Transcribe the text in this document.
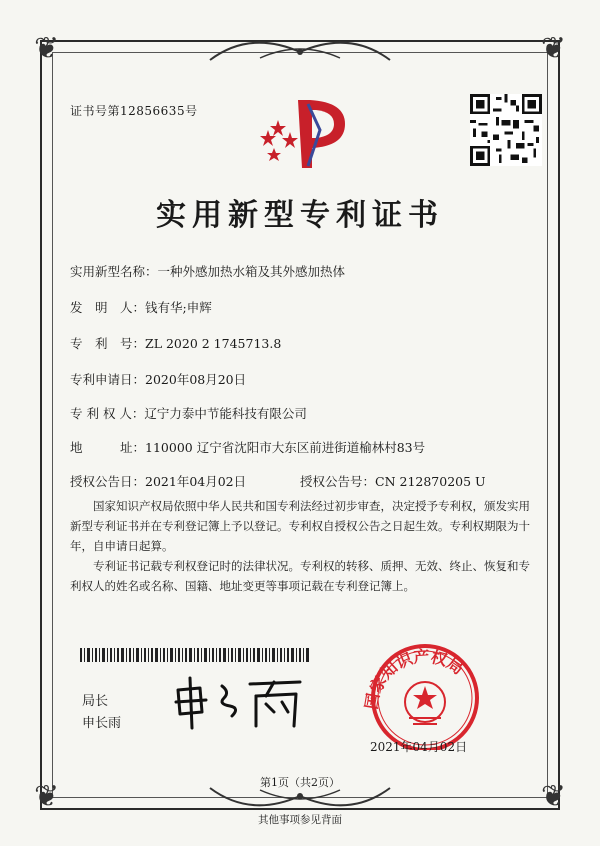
❦	❦
❦	❦
证书号第12856635号
实用新型专利证书
实用新型名称：一种外感加热水箱及其外感加热体
发　明　人：钱有华;申辉
专　利　号：ZL 2020 2 1745713.8
专利申请日：2020年08月20日
专 利 权 人：辽宁力泰中节能科技有限公司
地　　　址：110000 辽宁省沈阳市大东区前进街道榆林村83号
授权公告日：2021年04月02日	授权公告号：CN 212870205 U

国家知识产权局依照中华人民共和国专利法经过初步审查，决定授予专利权，颁发实用新型专利证书并在专利登记簿上予以登记。专利权自授权公告之日起生效。专利权期限为十年，自申请日起算。

专利证书记载专利权登记时的法律状况。专利权的转移、质押、无效、终止、恢复和专利权人的姓名或名称、国籍、地址变更等事项记载在专利登记簿上。

局长
申长雨
国家知识产权局
2021年04月02日
第1页（共2页）
其他事项参见背面
